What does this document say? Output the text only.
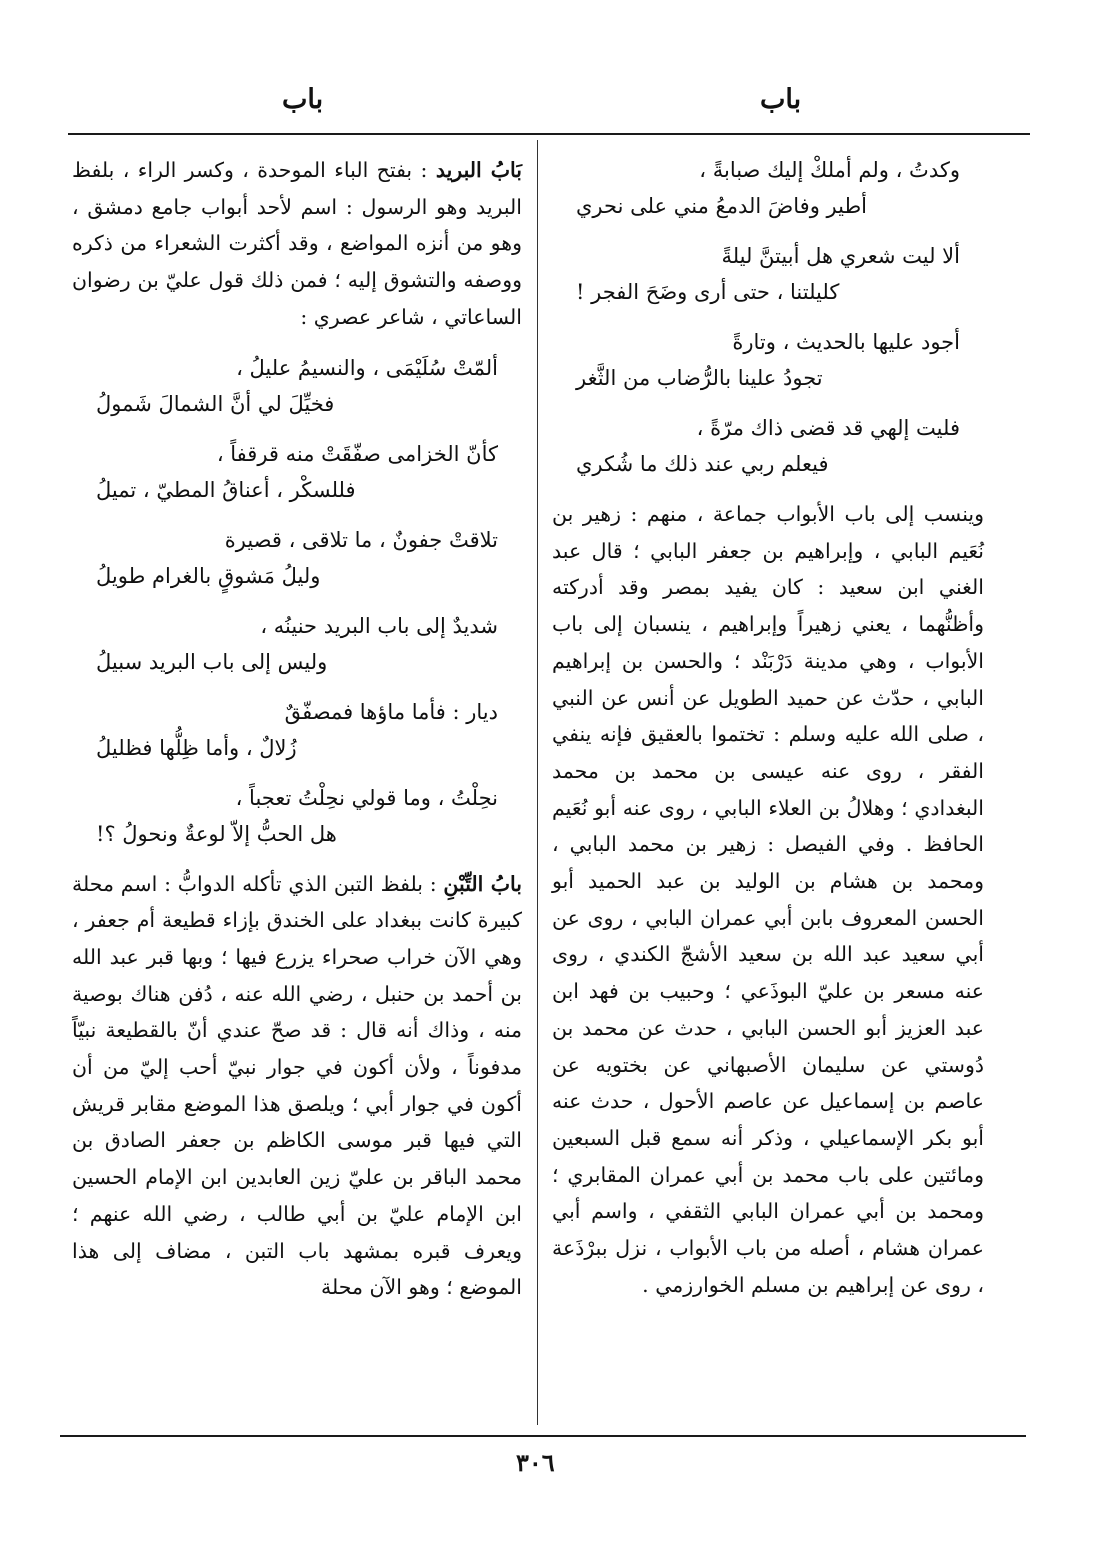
باب
باب
وكدتُ ، ولم أملكْ إليك صبابةً ،
أطير وفاضَ الدمعُ مني على نحري
ألا ليت شعري هل أبيتنَّ ليلةً
كليلتنا ، حتى أرى وضَحَ الفجر !
أجود عليها بالحديث ، وتارةً
تجودُ علينا بالرُّضاب من الثَّغر
فليت إلهي قد قضى ذاك مرّةً ،
فيعلم ربي عند ذلك ما شُكري

وينسب إلى باب الأبواب جماعة ، منهم : زهير بن نُعَيم البابي ، وإبراهيم بن جعفر البابي ؛ قال عبد الغني ابن سعيد : كان يفيد بمصر وقد أدركته وأظنُّهما ، يعني زهيراً وإبراهيم ، ينسبان إلى باب الأبواب ، وهي مدينة دَرْبَنْد ؛ والحسن بن إبراهيم البابي ، حدّث عن حميد الطويل عن أنس عن النبي ، صلى الله عليه وسلم : تختموا بالعقيق فإنه ينفي الفقر ، روى عنه عيسى بن محمد بن محمد البغدادي ؛ وهلالُ بن العلاء البابي ، روى عنه أبو نُعَيم الحافظ . وفي الفيصل : زهير بن محمد البابي ، ومحمد بن هشام بن الوليد بن عبد الحميد أبو الحسن المعروف بابن أبي عمران البابي ، روى عن أبي سعيد عبد الله بن سعيد الأشجّ الكندي ، روى عنه مسعر بن عليّ البوذَعي ؛ وحبيب بن فهد ابن عبد العزيز أبو الحسن البابي ، حدث عن محمد بن دُوستي عن سليمان الأصبهاني عن بختويه عن عاصم بن إسماعيل عن عاصم الأحول ، حدث عنه أبو بكر الإسماعيلي ، وذكر أنه سمع قبل السبعين ومائتين على باب محمد بن أبي عمران المقابري ؛ ومحمد بن أبي عمران البابي الثقفي ، واسم أبي عمران هشام ، أصله من باب الأبواب ، نزل ببرْذَعة ، روى عن إبراهيم بن مسلم الخوارزمي .

بَابُ البريد : بفتح الباء الموحدة ، وكسر الراء ، بلفظ البريد وهو الرسول : اسم لأحد أبواب جامع دمشق ، وهو من أنزه المواضع ، وقد أكثرت الشعراء من ذكره ووصفه والتشوق إليه ؛ فمن ذلك قول عليّ بن رضوان الساعاتي ، شاعر عصري :

ألمّتْ سُلَيْمَى ، والنسيمُ عليلُ ،
فخيِّلَ لي أنَّ الشمالَ شَمولُ
كأنّ الخزامى صفّقَتْ منه قرقفاً ،
فللسكْر ، أعناقُ المطيّ ، تميلُ
تلاقتْ جفونٌ ، ما تلاقى ، قصيرة
وليلُ مَشوقٍ بالغرام طويلُ
شديدٌ إلى باب البريد حنينُه ،
وليس إلى باب البريد سبيلُ
ديار : فأما ماؤها فمصفّقٌ
زُلالٌ ، وأما ظِلُّها فظليلُ
نحِلْتُ ، وما قولي نحِلْتُ تعجباً ،
هل الحبُّ إلاّ لوعةٌ ونحولُ ؟!

بابُ التِّبْنِ : بلفظ التبن الذي تأكله الدوابُّ : اسم محلة كبيرة كانت ببغداد على الخندق بإزاء قطيعة أم جعفر ، وهي الآن خراب صحراء يزرع فيها ؛ وبها قبر عبد الله بن أحمد بن حنبل ، رضي الله عنه ، دُفن هناك بوصية منه ، وذاك أنه قال : قد صحّ عندي أنّ بالقطيعة نبيّاً مدفوناً ، ولأن أكون في جوار نبيّ أحب إليّ من أن أكون في جوار أبي ؛ ويلصق هذا الموضع مقابر قريش التي فيها قبر موسى الكاظم بن جعفر الصادق بن محمد الباقر بن عليّ زين العابدين ابن الإمام الحسين ابن الإمام عليّ بن أبي طالب ، رضي الله عنهم ؛ ويعرف قبره بمشهد باب التبن ، مضاف إلى هذا الموضع ؛ وهو الآن محلة

٣٠٦
